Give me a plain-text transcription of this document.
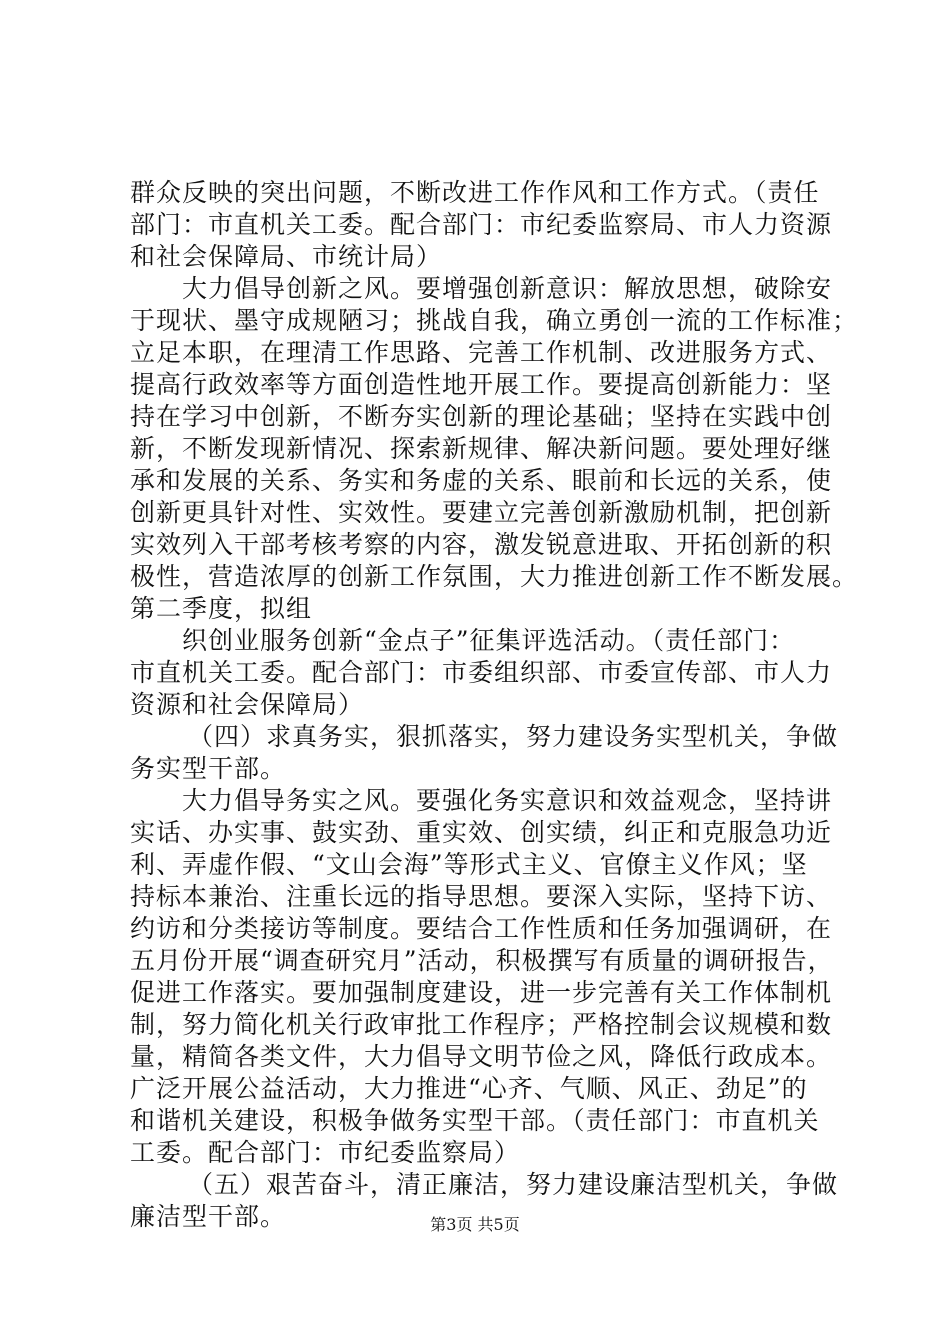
群众反映的突出问题，不断改进工作作风和工作方式。（责任
部门：市直机关工委。配合部门：市纪委监察局、市人力资源
和社会保障局、市统计局）
大力倡导创新之风。要增强创新意识：解放思想，破除安
于现状、墨守成规陋习；挑战自我，确立勇创一流的工作标准；
立足本职，在理清工作思路、完善工作机制、改进服务方式、
提高行政效率等方面创造性地开展工作。要提高创新能力：坚
持在学习中创新，不断夯实创新的理论基础；坚持在实践中创
新，不断发现新情况、探索新规律、解决新问题。要处理好继
承和发展的关系、务实和务虚的关系、眼前和长远的关系，使
创新更具针对性、实效性。要建立完善创新激励机制，把创新
实效列入干部考核考察的内容，激发锐意进取、开拓创新的积
极性，营造浓厚的创新工作氛围，大力推进创新工作不断发展。
第二季度，拟组
织创业服务创新“金点子”征集评选活动。（责任部门：
市直机关工委。配合部门：市委组织部、市委宣传部、市人力
资源和社会保障局）
（四）求真务实，狠抓落实，努力建设务实型机关，争做
务实型干部。
大力倡导务实之风。要强化务实意识和效益观念，坚持讲
实话、办实事、鼓实劲、重实效、创实绩，纠正和克服急功近
利、弄虚作假、“文山会海”等形式主义、官僚主义作风；坚
持标本兼治、注重长远的指导思想。要深入实际，坚持下访、
约访和分类接访等制度。要结合工作性质和任务加强调研，在
五月份开展“调查研究月”活动，积极撰写有质量的调研报告，
促进工作落实。要加强制度建设，进一步完善有关工作体制机
制，努力简化机关行政审批工作程序；严格控制会议规模和数
量，精简各类文件，大力倡导文明节俭之风，降低行政成本。
广泛开展公益活动，大力推进“心齐、气顺、风正、劲足”的
和谐机关建设，积极争做务实型干部。（责任部门：市直机关
工委。配合部门：市纪委监察局）
（五）艰苦奋斗，清正廉洁，努力建设廉洁型机关，争做
廉洁型干部。	第3页 共5页
